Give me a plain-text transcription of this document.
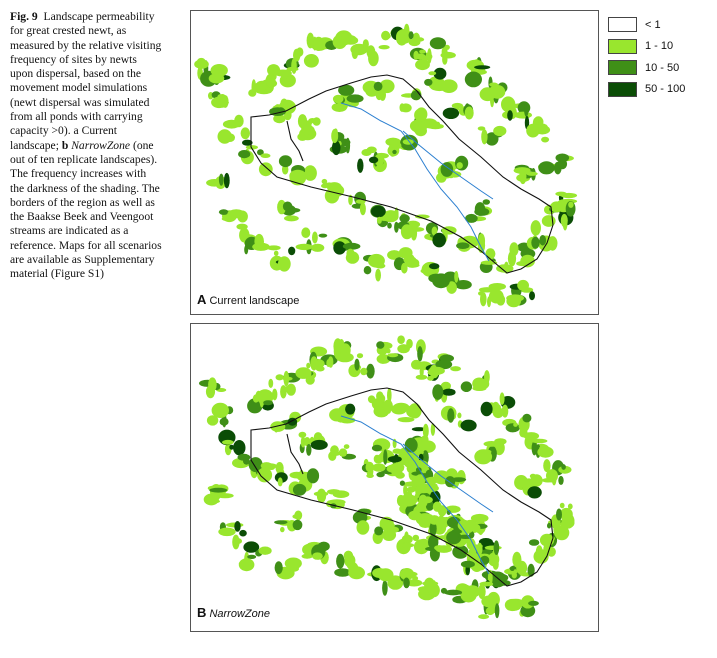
Fig. 9 Landscape permeability for great crested newt, as measured by the relative visiting frequency of sites by newts upon dispersal, based on the movement model simulations (newt dispersal was simulated from all ponds with carrying capacity >0). a Current landscape; b NarrowZone (one out of ten replicate landscapes). The frequency increases with the darkness of the shading. The borders of the region as well as the Baakse Beek and Veengoot streams are indicated as a reference. Maps for all scenarios are available as Supplementary material (Figure S1)
A Current landscape
B NarrowZone
< 1
1 - 10
10 - 50
50 - 100
